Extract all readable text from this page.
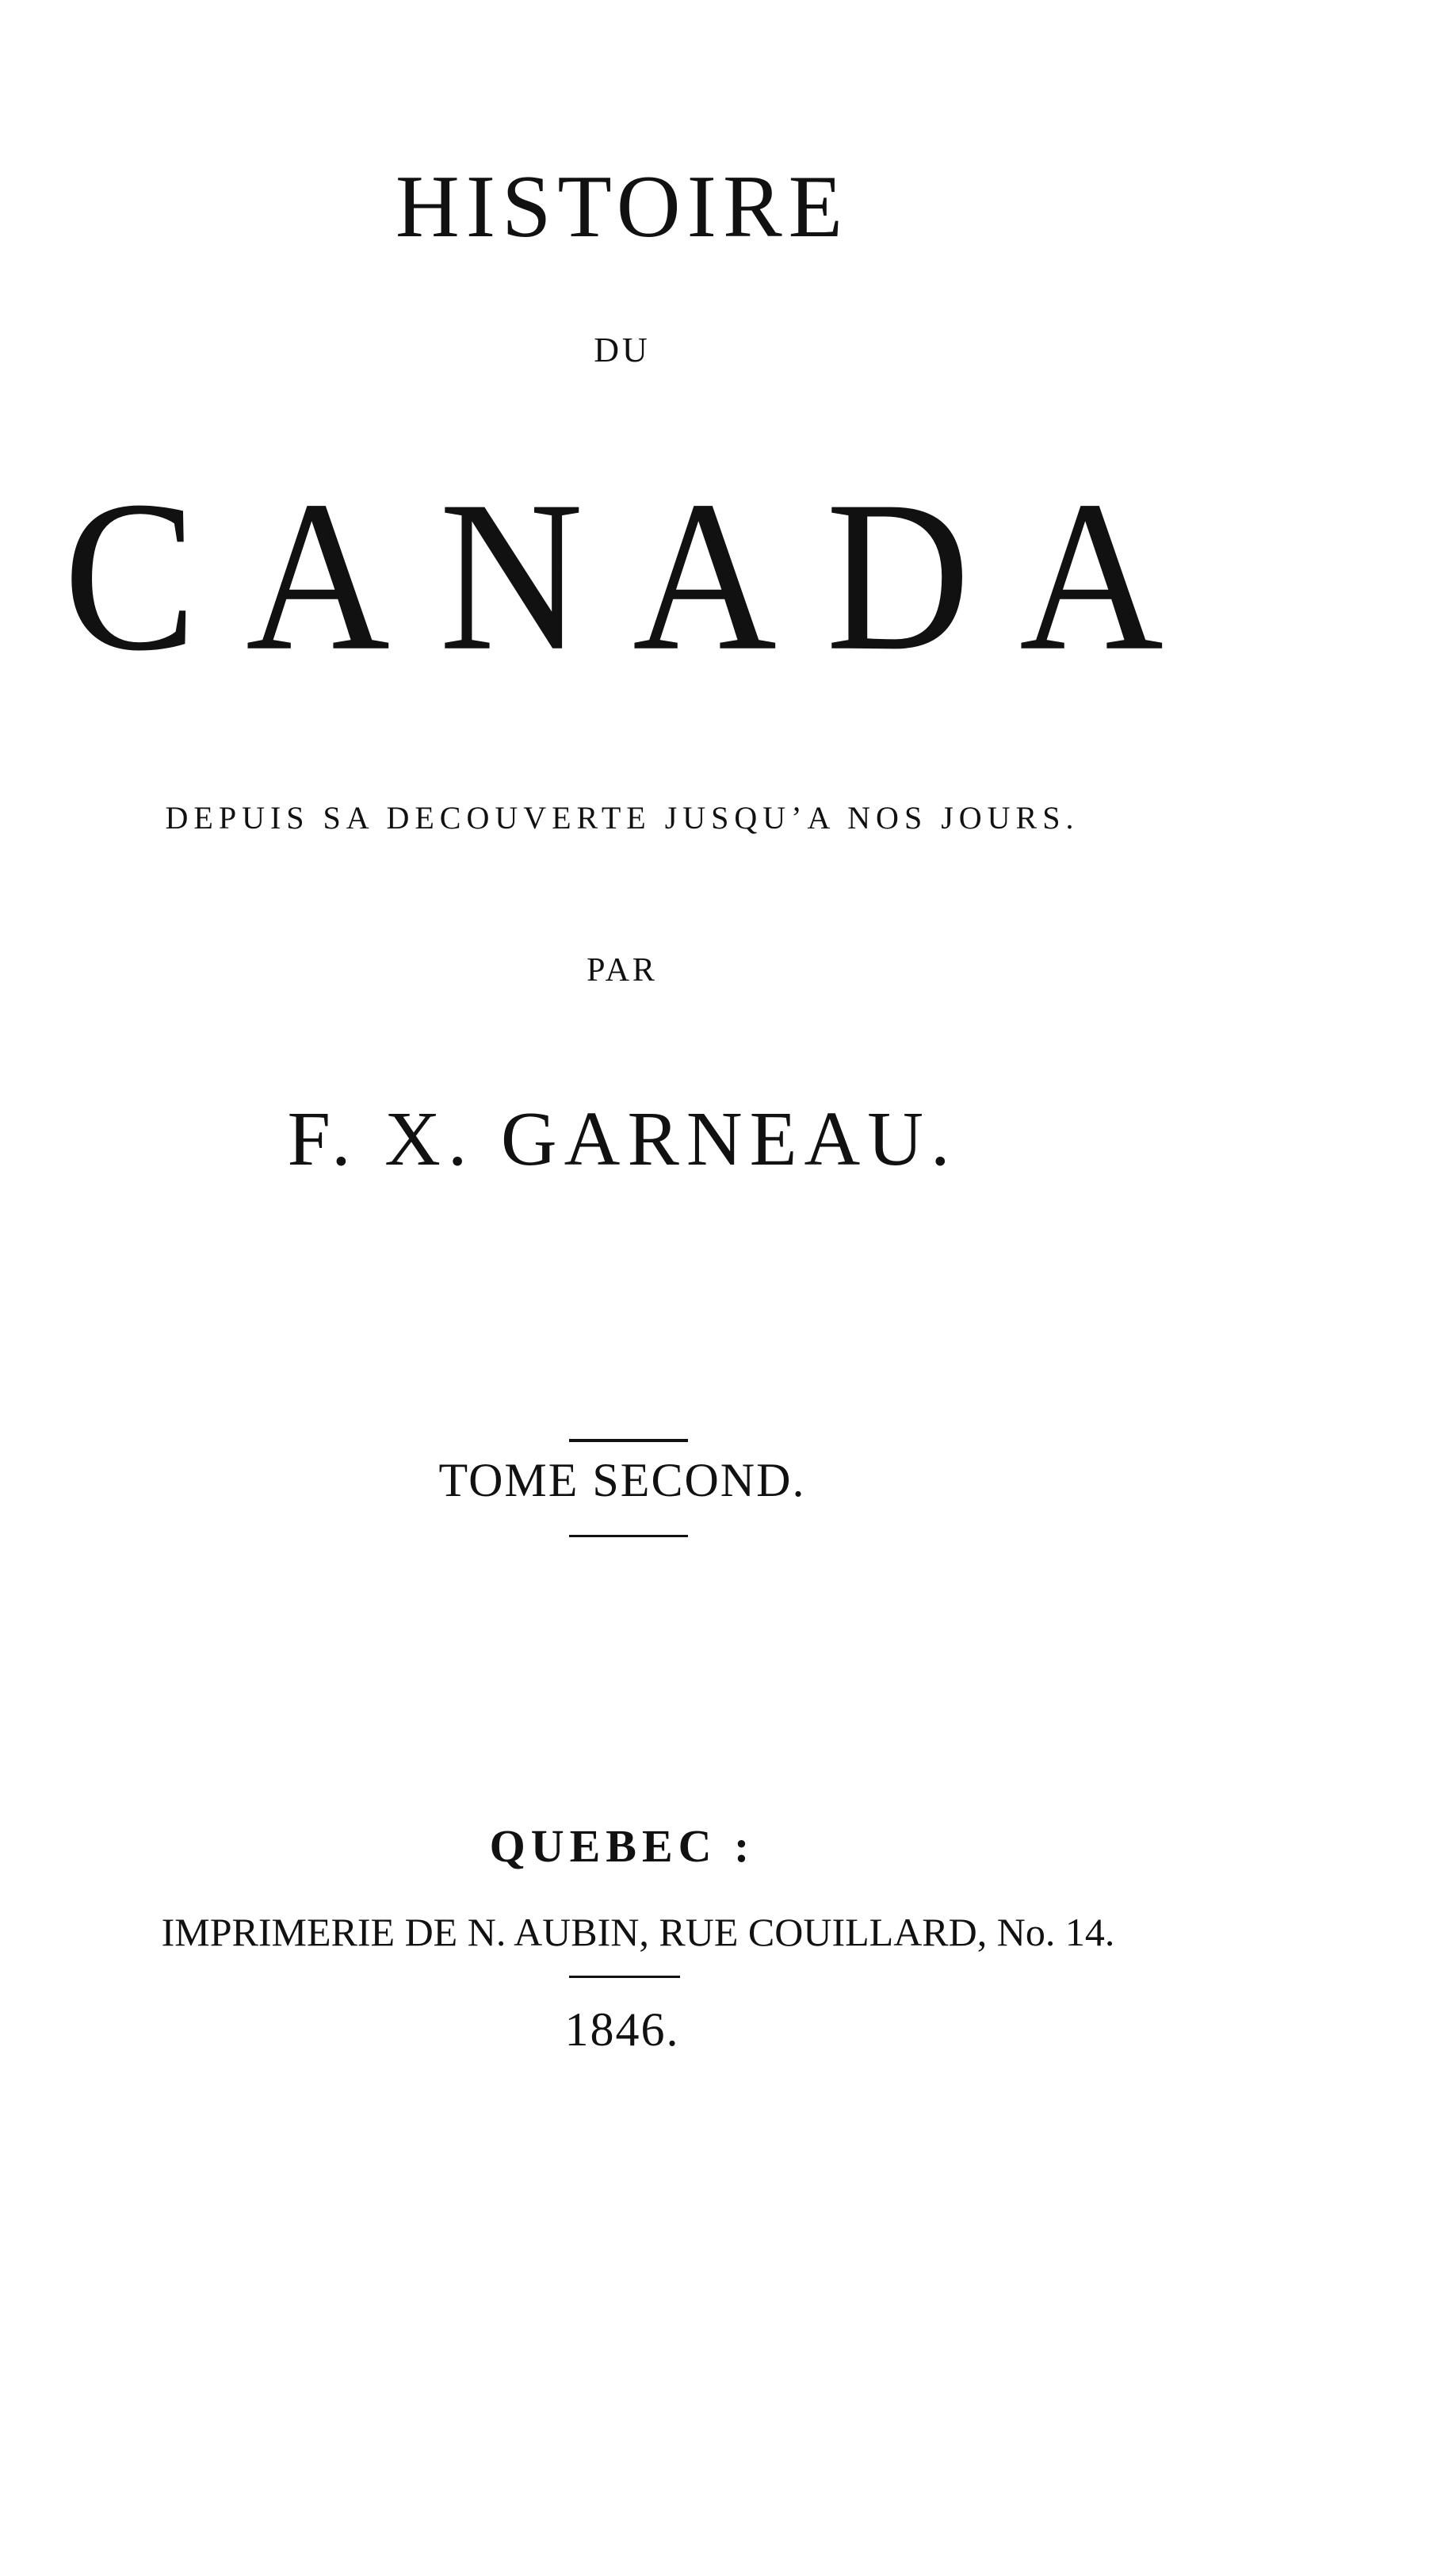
HISTOIRE
DU
CANADA
DEPUIS SA DECOUVERTE JUSQU’A NOS JOURS.
PAR
F. X. GARNEAU.
TOME SECOND.
QUEBEC :
IMPRIMERIE DE N. AUBIN, RUE COUILLARD, No. 14.
1846.
